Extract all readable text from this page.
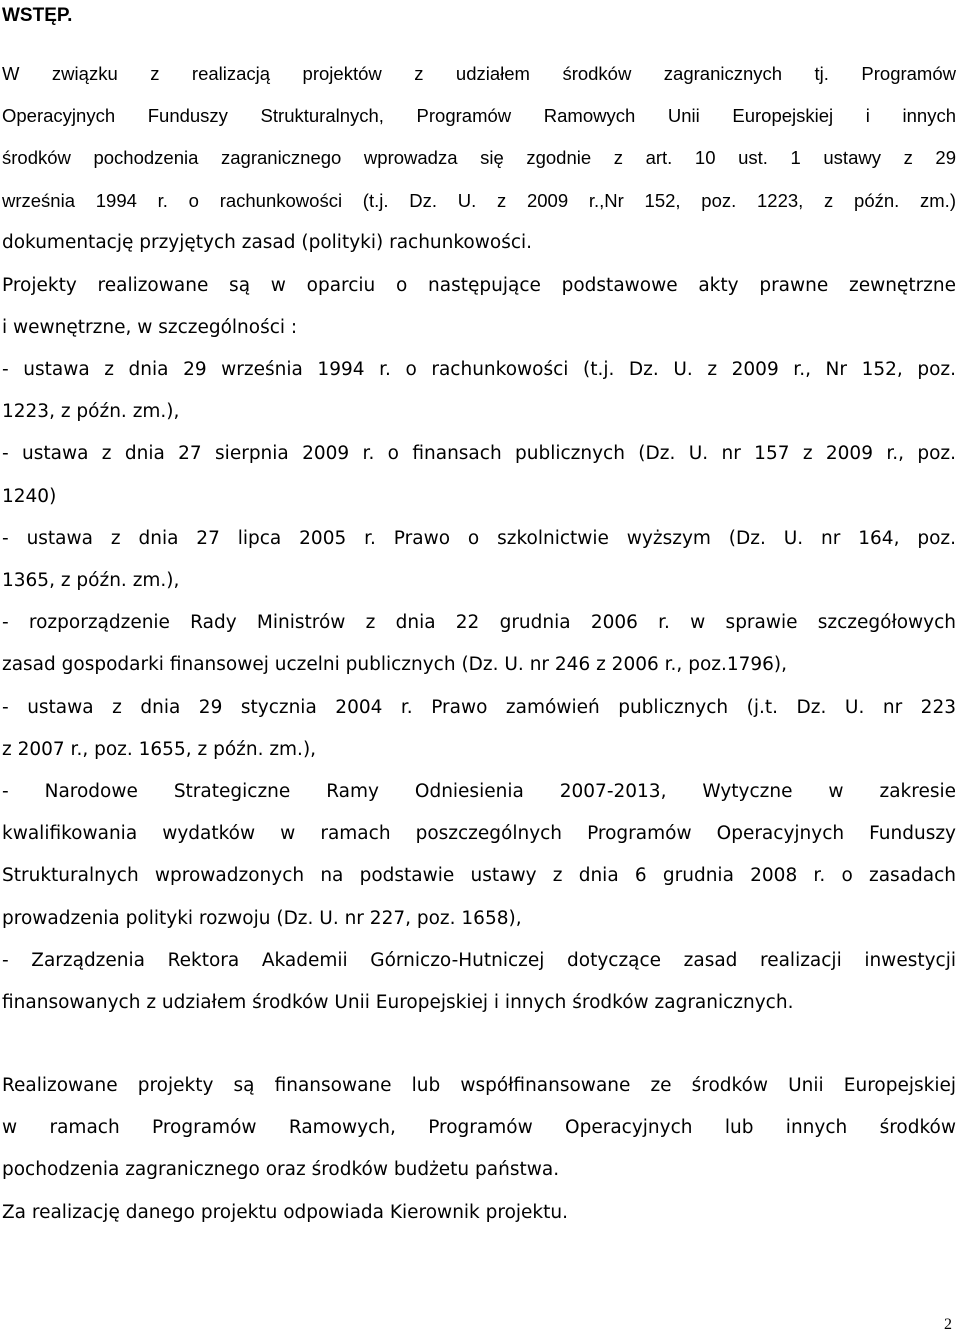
WSTĘP.
W związku z realizacją projektów z udziałem środków zagranicznych tj. Programów
Operacyjnych Funduszy Strukturalnych, Programów Ramowych Unii Europejskiej i innych
środków pochodzenia zagranicznego wprowadza się zgodnie z art. 10 ust. 1 ustawy z 29
września 1994 r. o rachunkowości (t.j. Dz. U. z 2009 r.,Nr 152, poz. 1223, z późn. zm.)
dokumentację przyjętych zasad (polityki) rachunkowości.
Projekty realizowane są w oparciu o następujące podstawowe akty prawne zewnętrzne
i wewnętrzne, w szczególności :
- ustawa z dnia 29 września 1994 r. o rachunkowości (t.j. Dz. U. z 2009 r., Nr 152, poz.
1223, z późn. zm.),
- ustawa z dnia 27 sierpnia 2009 r. o finansach publicznych (Dz. U. nr 157 z 2009 r., poz.
1240)
- ustawa z dnia 27 lipca 2005 r. Prawo o szkolnictwie wyższym (Dz. U. nr 164, poz.
1365, z późn. zm.),
- rozporządzenie Rady Ministrów z dnia 22 grudnia 2006 r. w sprawie szczegółowych
zasad gospodarki finansowej uczelni publicznych (Dz. U. nr 246 z 2006 r., poz.1796),
- ustawa z dnia 29 stycznia 2004 r. Prawo zamówień publicznych (j.t. Dz. U. nr 223
z 2007 r., poz. 1655, z późn. zm.),
- Narodowe Strategiczne Ramy Odniesienia 2007-2013, Wytyczne w zakresie
kwalifikowania wydatków w ramach poszczególnych Programów Operacyjnych Funduszy
Strukturalnych wprowadzonych na podstawie ustawy z dnia 6 grudnia 2008 r. o zasadach
prowadzenia polityki rozwoju (Dz. U. nr 227, poz. 1658),
- Zarządzenia Rektora Akademii Górniczo-Hutniczej dotyczące zasad realizacji inwestycji
finansowanych z udziałem środków Unii Europejskiej i innych środków zagranicznych.
Realizowane projekty są finansowane lub współfinansowane ze środków Unii Europejskiej
w ramach Programów Ramowych, Programów Operacyjnych lub innych środków
pochodzenia zagranicznego oraz środków budżetu państwa.
Za realizację danego projektu odpowiada Kierownik projektu.
2
